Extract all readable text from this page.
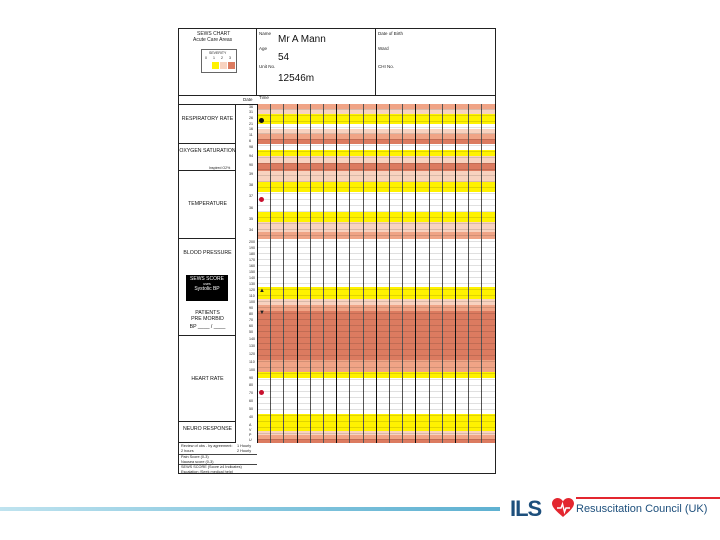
SEWS CHART
Acute Care Areas
SEVERITY
0 1 2 3
Name
Mr A Mann
Age
54
Unit No.
12546m
Date of Birth
Ward
CHI No.
Date Time
RESPIRATORY RATE
OXYGEN SATURATION
Inspired O2%
TEMPERATURE
BLOOD PRESSURE
PATIENTS
PRE MORBID
BP ____ / ____
SEWS SCORE
uses
Systolic BP
HEART RATE
NEURO RESPONSE
36
31
26
21
16
11
6
98
94
90
39
38
37
36
35
34
200
190
180
170
160
150
140
130
120
110
100
90
80
70
60
50
140
130
120
110
100
90
80
70
60
50
40
A
V
P
U
▲
▼
Review of obs - by agreement:
2 hours
1 Hourly
2 Hourly
Pain Score (0-3)
Nausea score (0-3)
SEWS SCORE (Score ≥4 Indicates)
Escalation (Seek medical help)
ILS	Resuscitation Council (UK)
